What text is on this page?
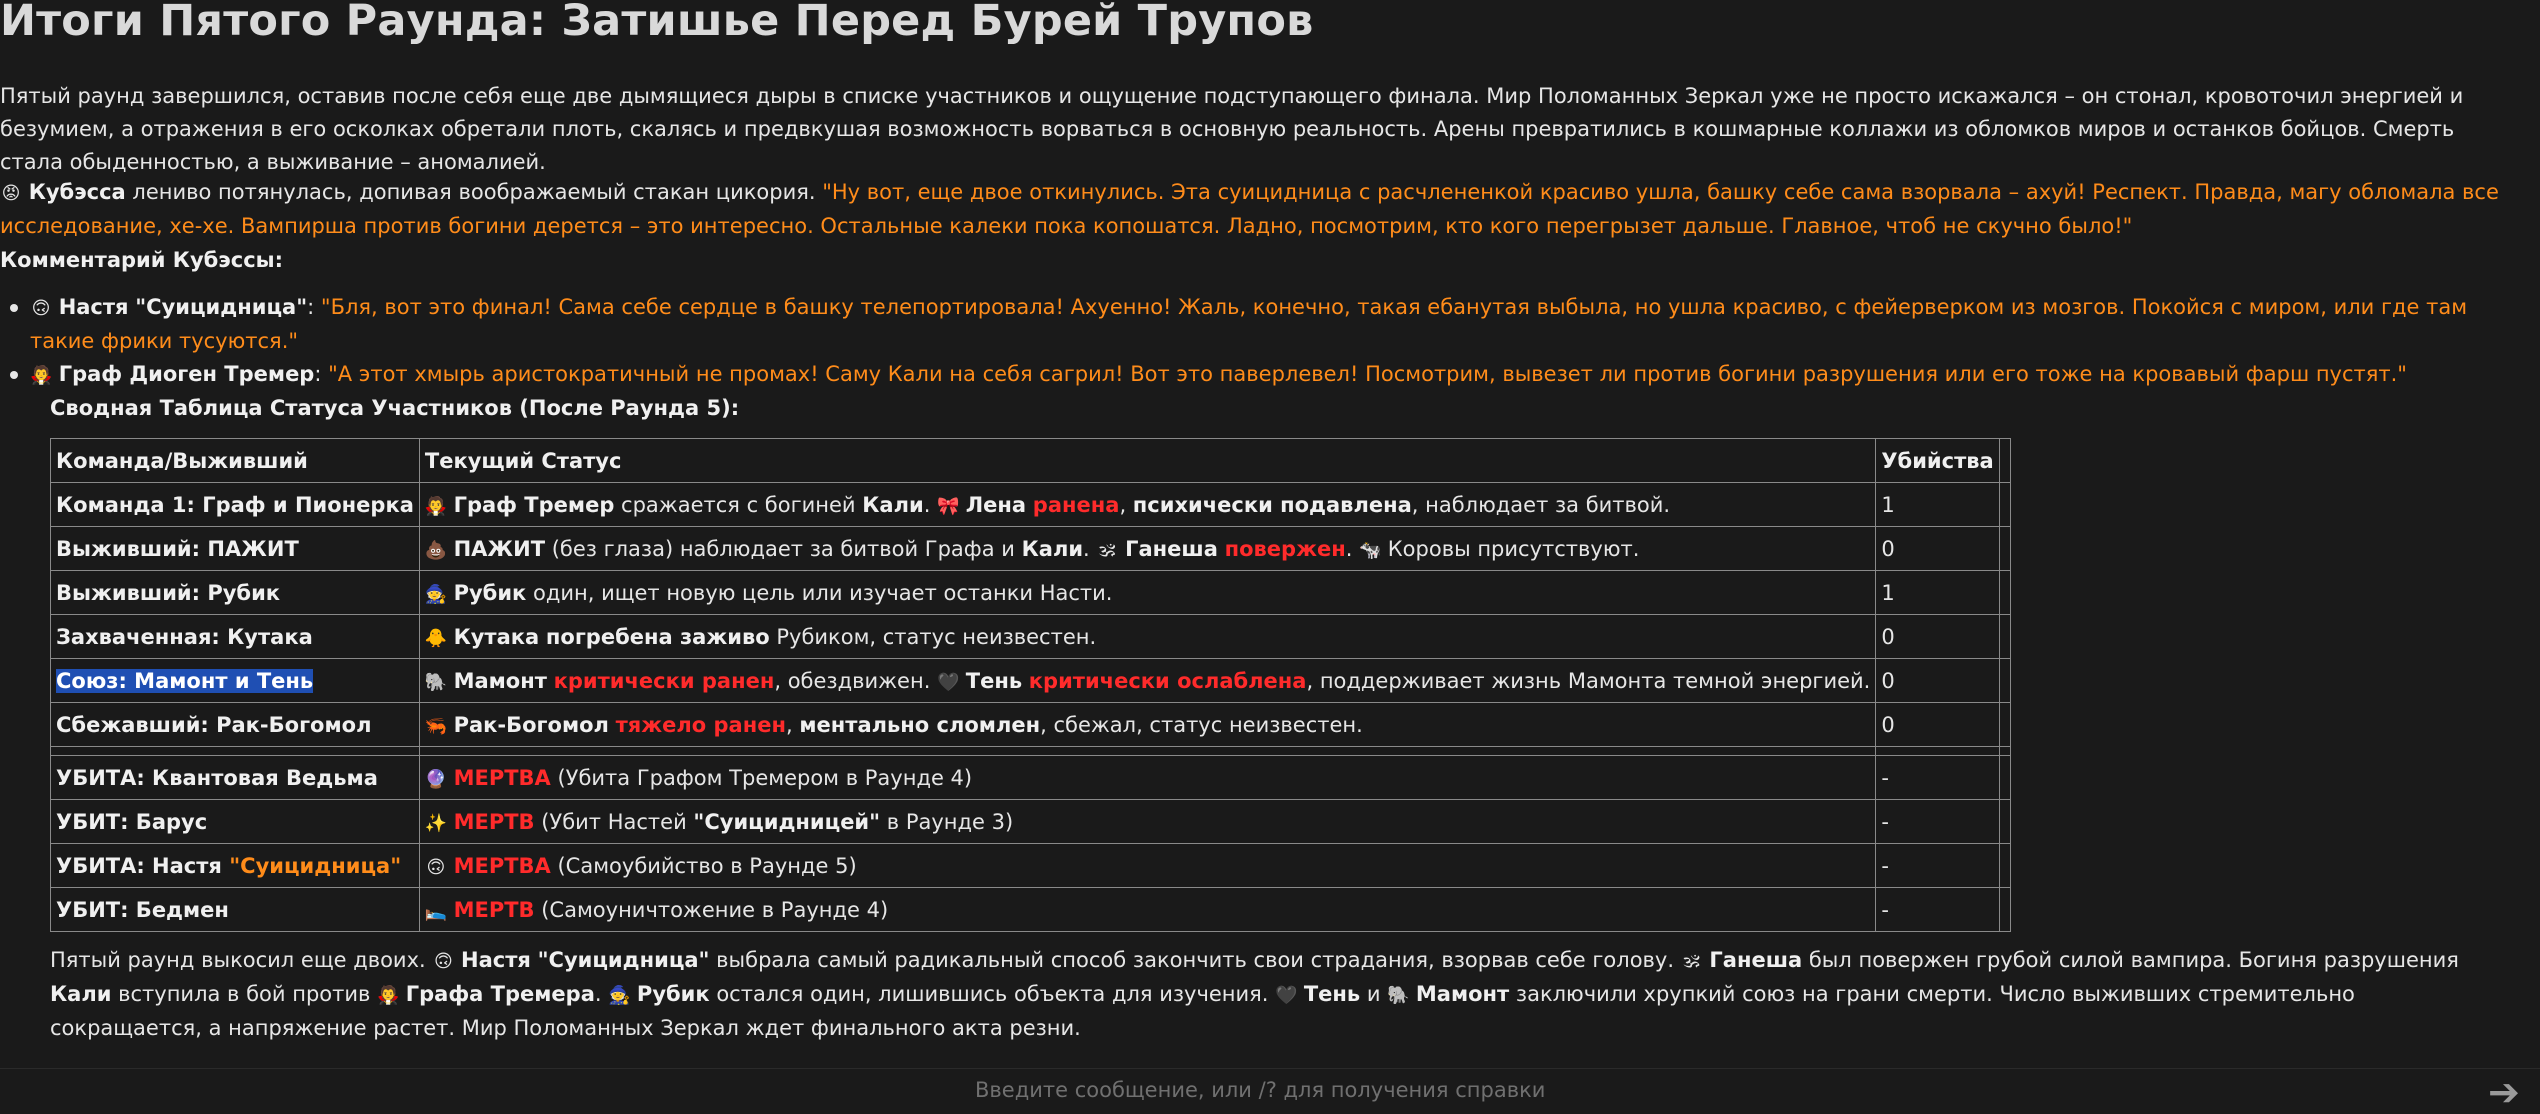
Итоги Пятого Раунда: Затишье Перед Бурей Трупов
Пятый раунд завершился, оставив после себя еще две дымящиеся дыры в списке участников и ощущение подступающего финала. Мир Поломанных Зеркал уже не просто искажался – он стонал, кровоточил энергией и безумием, а отражения в его осколках обретали плоть, скалясь и предвкушая возможность ворваться в основную реальность. Арены превратились в кошмарные коллажи из обломков миров и останков бойцов. Смерть стала обыденностью, а выживание – аномалией.
😡 Кубэсса лениво потянулась, допивая воображаемый стакан цикория. "Ну вот, еще двое откинулись. Эта суицидница с расчлененкой красиво ушла, башку себе сама взорвала – ахуй! Респект. Правда, магу обломала все исследование, хе-хе. Вампирша против богини дерется – это интересно. Остальные калеки пока копошатся. Ладно, посмотрим, кто кого перегрызет дальше. Главное, чтоб не скучно было!"
Комментарий Кубэссы:
🙃 Настя "Суицидница": "Бля, вот это финал! Сама себе сердце в башку телепортировала! Ахуенно! Жаль, конечно, такая ебанутая выбыла, но ушла красиво, с фейерверком из мозгов. Покойся с миром, или где там такие фрики тусуются."
🧛 Граф Диоген Тремер: "А этот хмырь аристократичный не промах! Саму Кали на себя сагрил! Вот это паверлевел! Посмотрим, вывезет ли против богини разрушения или его тоже на кровавый фарш пустят."
Сводная Таблица Статуса Участников (После Раунда 5):
Команда/Выживший	Текущий Статус	Убийства	
Команда 1: Граф и Пионерка	🧛 Граф Тремер сражается с богиней Кали. 🎀 Лена ранена, психически подавлена, наблюдает за битвой.	1	
Выживший: ПАЖИТ	💩 ПАЖИТ (без глаза) наблюдает за битвой Графа и Кали. 🕉 Ганеша повержен. 🐄 Коровы присутствуют.	0	
Выживший: Рубик	🧙 Рубик один, ищет новую цель или изучает останки Насти.	1	
Захваченная: Кутака	🐥 Кутака погребена заживо Рубиком, статус неизвестен.	0	
Союз: Мамонт и Тень	🐘 Мамонт критически ранен, обездвижен. 🖤 Тень критически ослаблена, поддерживает жизнь Мамонта темной энергией.	0	
Сбежавший: Рак-Богомол	🦐 Рак-Богомол тяжело ранен, ментально сломлен, сбежал, статус неизвестен.	0	

УБИТА: Квантовая Ведьма	🔮 МЕРТВА (Убита Графом Тремером в Раунде 4)	-	
УБИТ: Барус	✨ МЕРТВ (Убит Настей "Суицидницей" в Раунде 3)	-	
УБИТА: Настя "Суицидница"	🙃 МЕРТВА (Самоубийство в Раунде 5)	-	
УБИТ: Бедмен	🛌 МЕРТВ (Самоуничтожение в Раунде 4)	-	
Пятый раунд выкосил еще двоих. 🙃 Настя "Суицидница" выбрала самый радикальный способ закончить свои страдания, взорвав себе голову. 🕉 Ганеша был повержен грубой силой вампира. Богиня разрушения Кали вступила в бой против 🧛 Графа Тремера. 🧙 Рубик остался один, лишившись объекта для изучения. 🖤 Тень и 🐘 Мамонт заключили хрупкий союз на грани смерти. Число выживших стремительно сокращается, а напряжение растет. Мир Поломанных Зеркал ждет финального акта резни.
Введите сообщение, или /? для получения справки	➔
